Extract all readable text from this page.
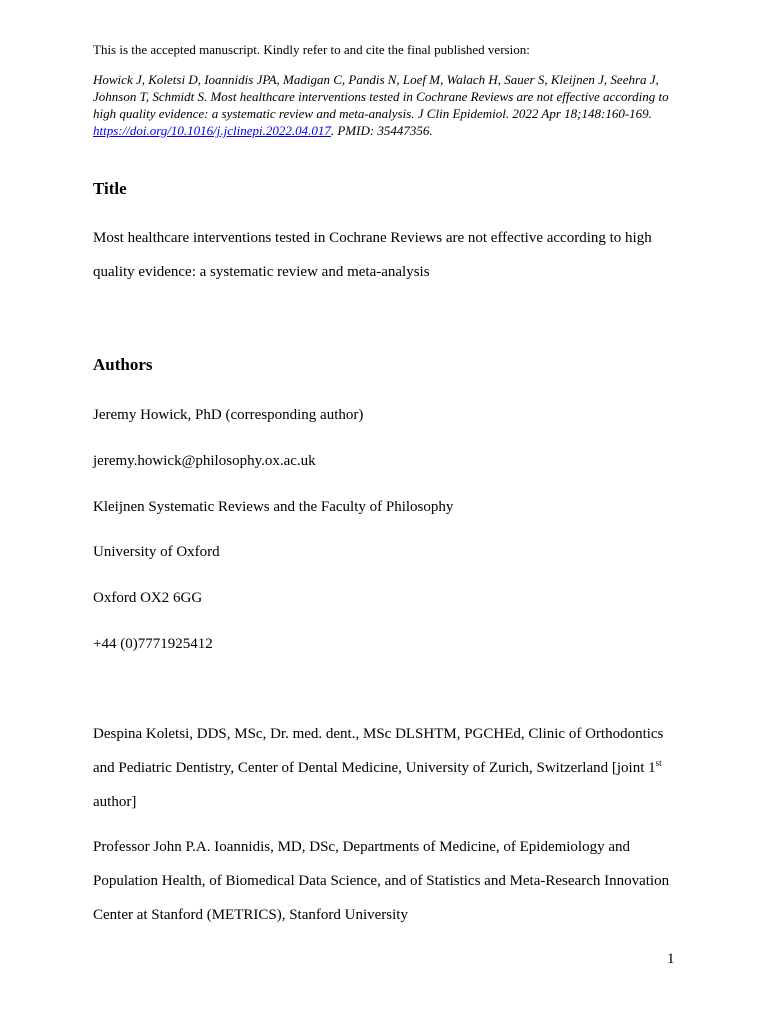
This is the accepted manuscript. Kindly refer to and cite the final published version:

Howick J, Koletsi D, Ioannidis JPA, Madigan C, Pandis N, Loef M, Walach H, Sauer S, Kleijnen J, Seehra J, Johnson T, Schmidt S. Most healthcare interventions tested in Cochrane Reviews are not effective according to high quality evidence: a systematic review and meta-analysis. J Clin Epidemiol. 2022 Apr 18;148:160-169. https://doi.org/10.1016/j.jclinepi.2022.04.017. PMID: 35447356.

Title

Most healthcare interventions tested in Cochrane Reviews are not effective according to high quality evidence: a systematic review and meta-analysis

Authors

Jeremy Howick, PhD (corresponding author)

jeremy.howick@philosophy.ox.ac.uk

Kleijnen Systematic Reviews and the Faculty of Philosophy

University of Oxford

Oxford OX2 6GG

+44 (0)7771925412

Despina Koletsi, DDS, MSc, Dr. med. dent., MSc DLSHTM, PGCHEd, Clinic of Orthodontics and Pediatric Dentistry, Center of Dental Medicine, University of Zurich, Switzerland [joint 1st author]

Professor John P.A. Ioannidis, MD, DSc, Departments of Medicine, of Epidemiology and Population Health, of Biomedical Data Science, and of Statistics and Meta-Research Innovation Center at Stanford (METRICS), Stanford University

1
